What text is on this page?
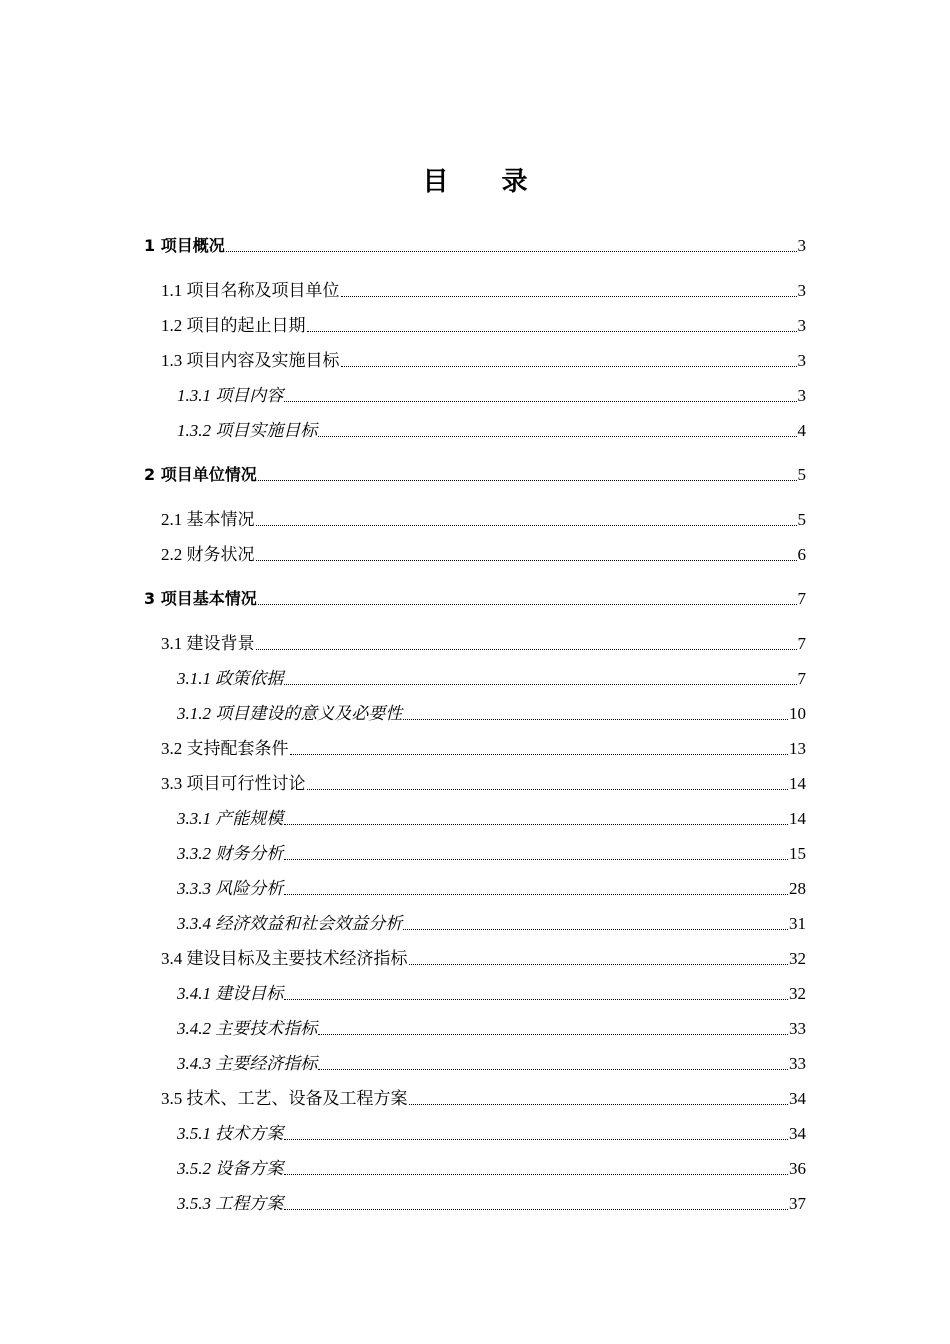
目 录
1 项目概况	3
1.1 项目名称及项目单位	3
1.2 项目的起止日期	3
1.3 项目内容及实施目标	3
1.3.1 项目内容	3
1.3.2 项目实施目标	4
2 项目单位情况	5
2.1 基本情况	5
2.2 财务状况	6
3 项目基本情况	7
3.1 建设背景	7
3.1.1 政策依据	7
3.1.2 项目建设的意义及必要性	10
3.2 支持配套条件	13
3.3 项目可行性讨论	14
3.3.1 产能规模	14
3.3.2 财务分析	15
3.3.3 风险分析	28
3.3.4 经济效益和社会效益分析	31
3.4 建设目标及主要技术经济指标	32
3.4.1 建设目标	32
3.4.2 主要技术指标	33
3.4.3 主要经济指标	33
3.5 技术、工艺、设备及工程方案	34
3.5.1 技术方案	34
3.5.2 设备方案	36
3.5.3 工程方案	37
